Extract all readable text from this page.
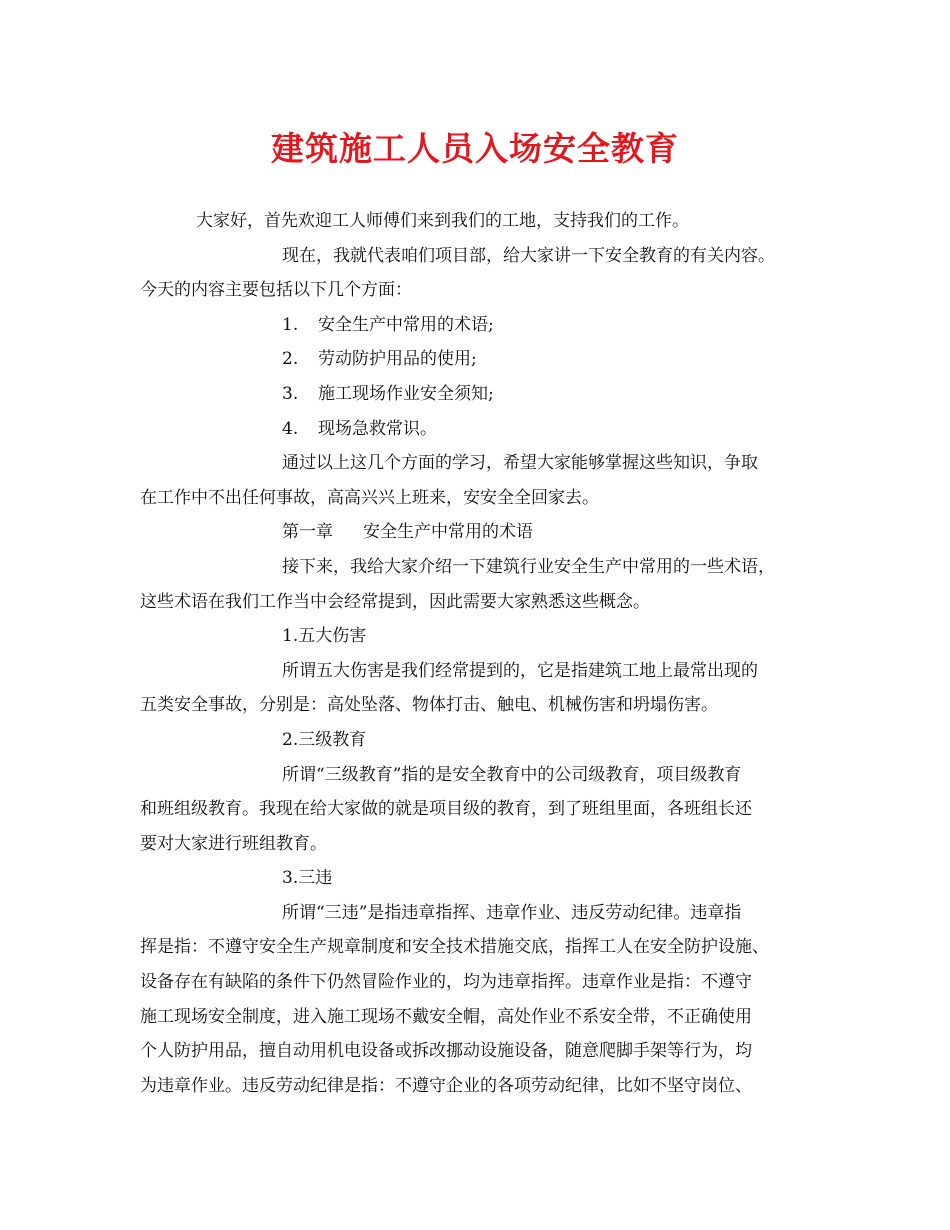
建筑施工人员入场安全教育
大家好，首先欢迎工人师傅们来到我们的工地，支持我们的工作。
现在，我就代表咱们项目部，给大家讲一下安全教育的有关内容。
今天的内容主要包括以下几个方面：
1. 安全生产中常用的术语;
2. 劳动防护用品的使用;
3. 施工现场作业安全须知;
4. 现场急救常识。
通过以上这几个方面的学习，希望大家能够掌握这些知识，争取
在工作中不出任何事故，高高兴兴上班来，安安全全回家去。
第一章 安全生产中常用的术语
接下来，我给大家介绍一下建筑行业安全生产中常用的一些术语，
这些术语在我们工作当中会经常提到，因此需要大家熟悉这些概念。
1.五大伤害
所谓五大伤害是我们经常提到的，它是指建筑工地上最常出现的
五类安全事故，分别是：高处坠落、物体打击、触电、机械伤害和坍塌伤害。
2.三级教育
所谓“三级教育”指的是安全教育中的公司级教育，项目级教育
和班组级教育。我现在给大家做的就是项目级的教育，到了班组里面，各班组长还
要对大家进行班组教育。
3.三违
所谓“三违”是指违章指挥、违章作业、违反劳动纪律。违章指
挥是指：不遵守安全生产规章制度和安全技术措施交底，指挥工人在安全防护设施、
设备存在有缺陷的条件下仍然冒险作业的，均为违章指挥。违章作业是指：不遵守
施工现场安全制度，进入施工现场不戴安全帽，高处作业不系安全带，不正确使用
个人防护用品，擅自动用机电设备或拆改挪动设施设备，随意爬脚手架等行为，均
为违章作业。违反劳动纪律是指：不遵守企业的各项劳动纪律，比如不坚守岗位、
